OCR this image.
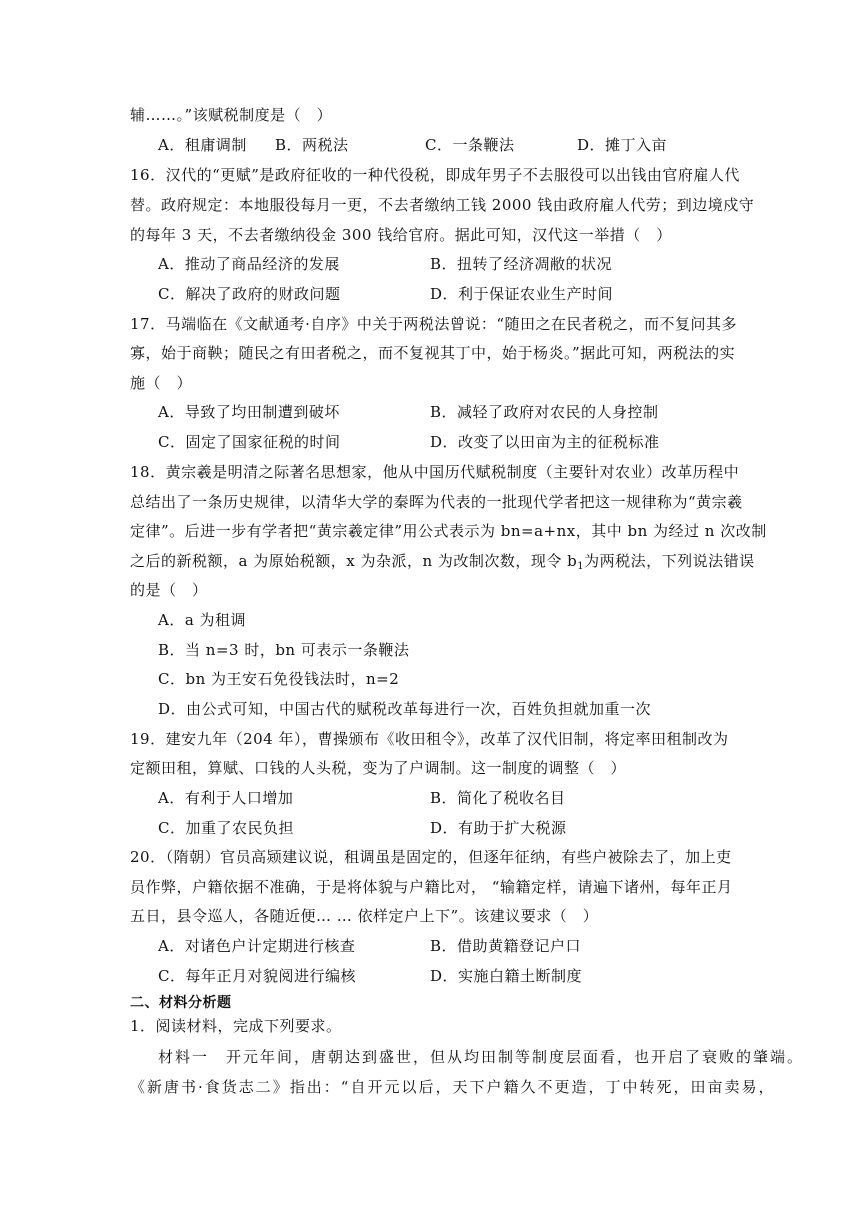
辅……。”该赋税制度是（　）
A．租庸调制	B．两税法	C．一条鞭法	D．摊丁入亩
16．汉代的“更赋”是政府征收的一种代役税，即成年男子不去服役可以出钱由官府雇人代
替。政府规定：本地服役每月一更，不去者缴纳工钱 2000 钱由政府雇人代劳；到边境戍守
的每年 3 天，不去者缴纳役金 300 钱给官府。据此可知，汉代这一举措（　）
A．推动了商品经济的发展	B．扭转了经济凋敝的状况
C．解决了政府的财政问题	D．利于保证农业生产时间
17．马端临在《文献通考·自序》中关于两税法曾说：“随田之在民者税之，而不复问其多
寡，始于商鞅；随民之有田者税之，而不复视其丁中，始于杨炎。”据此可知，两税法的实
施（　）
A．导致了均田制遭到破坏	B．减轻了政府对农民的人身控制
C．固定了国家征税的时间	D．改变了以田亩为主的征税标准
18．黄宗羲是明清之际著名思想家，他从中国历代赋税制度（主要针对农业）改革历程中
总结出了一条历史规律，以清华大学的秦晖为代表的一批现代学者把这一规律称为“黄宗羲
定律”。后进一步有学者把“黄宗羲定律”用公式表示为 bn=a+nx，其中 bn 为经过 n 次改制
之后的新税额，a 为原始税额，x 为杂派，n 为改制次数，现令 $b_1$为两税法，下列说法错误
的是（　）
A．a 为租调
B．当 n=3 时，bn 可表示一条鞭法
C．bn 为王安石免役钱法时，n=2
D．由公式可知，中国古代的赋税改革每进行一次，百姓负担就加重一次
19．建安九年（204 年），曹操颁布《收田租令》，改革了汉代旧制，将定率田租制改为
定额田租，算赋、口钱的人头税，变为了户调制。这一制度的调整（　）
A．有利于人口增加	B．简化了税收名目
C．加重了农民负担	D．有助于扩大税源
20．（隋朝）官员高颎建议说，租调虽是固定的，但逐年征纳，有些户被除去了，加上吏
员作弊，户籍依据不准确，于是将体貌与户籍比对， “输籍定样，请遍下诸州，每年正月
五日，县令巡人，各随近便… … 依样定户上下”。该建议要求（　）
A．对诸色户计定期进行核查	B．借助黄籍登记户口
C．每年正月对貌阅进行编核	D．实施白籍土断制度
二、材料分析题
1．阅读材料，完成下列要求。
材料一　开元年间，唐朝达到盛世，但从均田制等制度层面看，也开启了衰败的肇端。
《新唐书·食货志二》指出：“自开元以后，天下户籍久不更造，丁中转死，田亩卖易，
